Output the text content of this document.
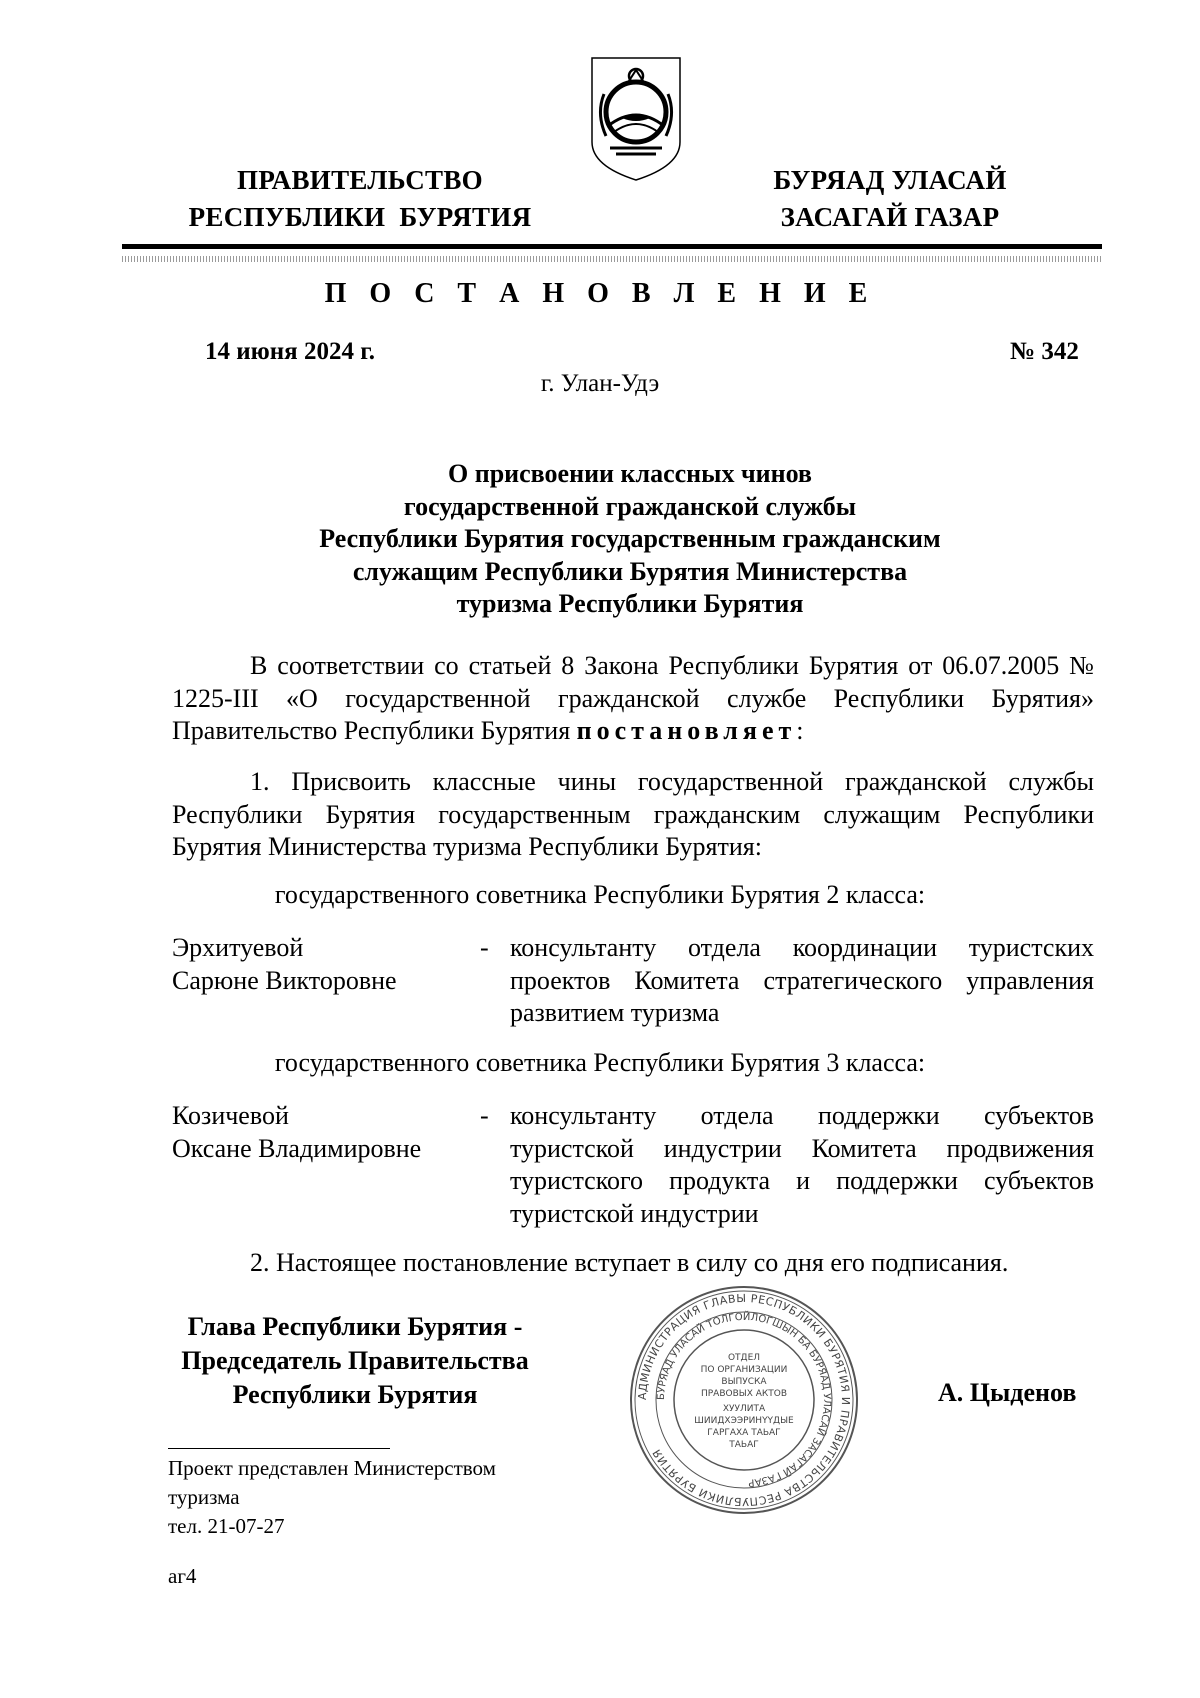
ПРАВИТЕЛЬСТВО
РЕСПУБЛИКИ  БУРЯТИЯ
БУРЯАД УЛАСАЙ
ЗАСАГАЙ ГАЗАР
П О С Т А Н О В Л Е Н И Е
14 июня 2024 г.	№ 342
г. Улан-Удэ
О присвоении классных чинов
государственной гражданской службы
Республики Бурятия государственным гражданским
служащим Республики Бурятия Министерства
туризма Республики Бурятия
В соответствии со статьей 8 Закона Республики Бурятия от 06.07.2005 № 1225-III «О государственной гражданской службе Республики Бурятия» Правительство Республики Бурятия постановляет:
1. Присвоить классные чины государственной гражданской службы Республики Бурятия государственным гражданским служащим Республики Бурятия Министерства туризма Республики Бурятия:
государственного советника Республики Бурятия 2 класса:
Эрхитуевой
Сарюне Викторовне
- консультанту отдела координации туристских проектов Комитета стратегического управления развитием туризма
государственного советника Республики Бурятия 3 класса:
Козичевой
Оксане Владимировне
- консультанту отдела поддержки субъектов туристской индустрии Комитета продвижения туристского продукта и поддержки субъектов туристской индустрии
2. Настоящее постановление вступает в силу со дня его подписания.
Глава Республики Бурятия -
Председатель Правительства
Республики Бурятия	АДМИНИСТРАЦИЯ ГЛАВЫ РЕСПУБЛИКИ БУРЯТИЯ И ПРАВИТЕЛЬСТВА РЕСПУБЛИКИ БУРЯТИЯ
БУРЯАД УЛАСАЙ ТОЛГОЙЛОГШЫН БА БУРЯАД УЛАСАЙ ЗАСАГАЙ ГАЗАР
ОТДЕЛ
ПО ОРГАНИЗАЦИИ
ВЫПУСКА
ПРАВОВЫХ АКТОВ
ХУУЛИТА
ШИИДХЭЭРИНҮҮДЫЕ
ГАРГАХА ТАЬАГ
ТАЬАГ
А. Цыденов
Проект представлен Министерством
туризма
тел. 21-07-27
аг4
